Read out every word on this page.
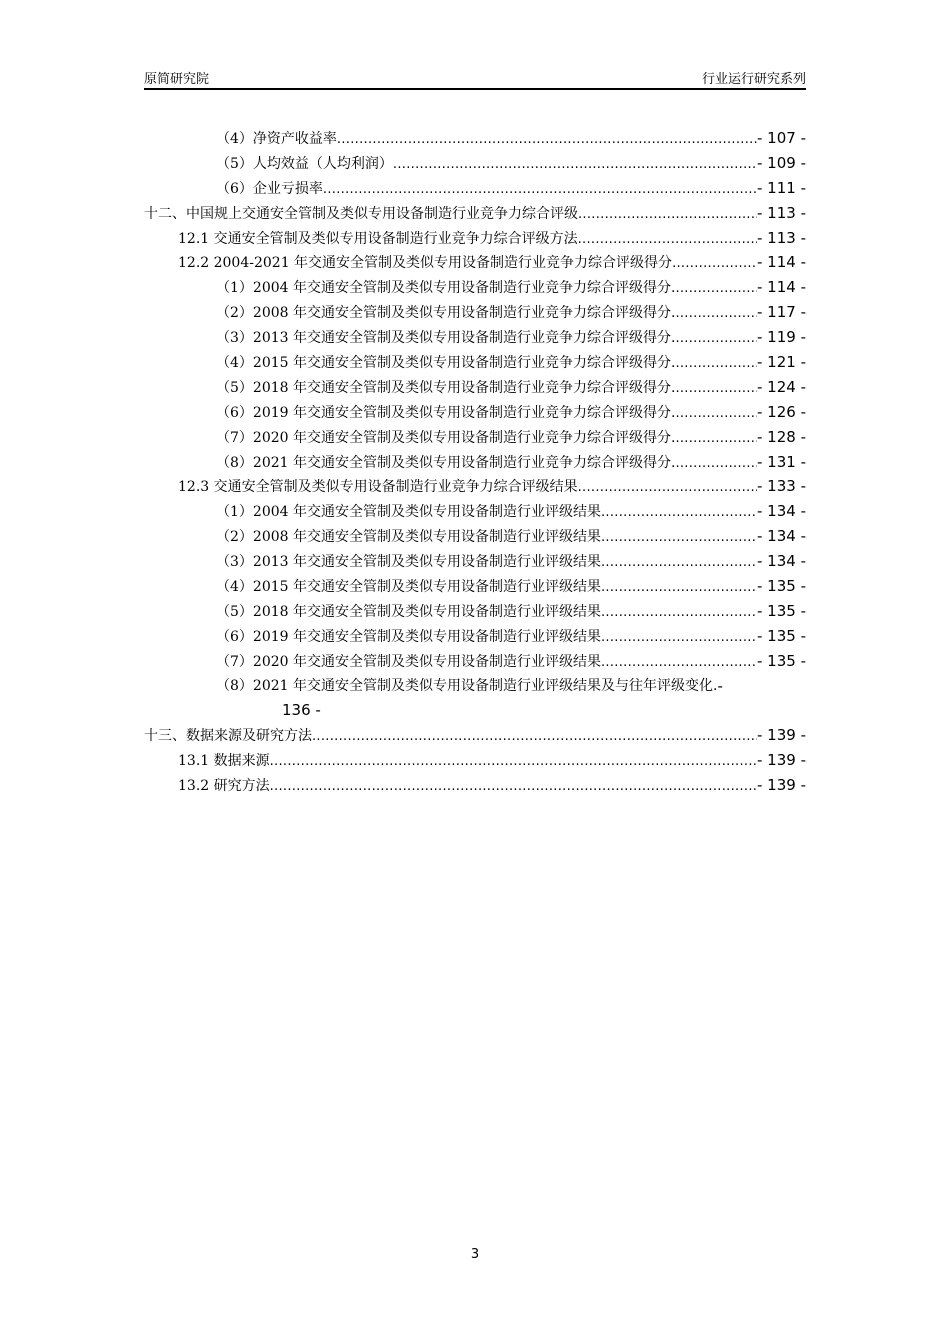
原简研究院	行业运行研究系列
（4）净资产收益率 .....	- 107 -
（5）人均效益（人均利润） .....	- 109 -
（6）企业亏损率 .....	- 111 -
十二、中国规上交通安全管制及类似专用设备制造行业竞争力综合评级 .....	- 113 -
12.1 交通安全管制及类似专用设备制造行业竞争力综合评级方法 .....	- 113 -
12.2 2004-2021 年交通安全管制及类似专用设备制造行业竞争力综合评级得分 .....	- 114 -
（1）2004 年交通安全管制及类似专用设备制造行业竞争力综合评级得分. .....	- 114 -
（2）2008 年交通安全管制及类似专用设备制造行业竞争力综合评级得分. .....	- 117 -
（3）2013 年交通安全管制及类似专用设备制造行业竞争力综合评级得分. .....	- 119 -
（4）2015 年交通安全管制及类似专用设备制造行业竞争力综合评级得分. .....	- 121 -
（5）2018 年交通安全管制及类似专用设备制造行业竞争力综合评级得分. .....	- 124 -
（6）2019 年交通安全管制及类似专用设备制造行业竞争力综合评级得分. .....	- 126 -
（7）2020 年交通安全管制及类似专用设备制造行业竞争力综合评级得分. .....	- 128 -
（8）2021 年交通安全管制及类似专用设备制造行业竞争力综合评级得分. .....	- 131 -
12.3 交通安全管制及类似专用设备制造行业竞争力综合评级结果 .....	- 133 -
（1）2004 年交通安全管制及类似专用设备制造行业评级结果 .....	- 134 -
（2）2008 年交通安全管制及类似专用设备制造行业评级结果 .....	- 134 -
（3）2013 年交通安全管制及类似专用设备制造行业评级结果 .....	- 134 -
（4）2015 年交通安全管制及类似专用设备制造行业评级结果 .....	- 135 -
（5）2018 年交通安全管制及类似专用设备制造行业评级结果 .....	- 135 -
（6）2019 年交通安全管制及类似专用设备制造行业评级结果 .....	- 135 -
（7）2020 年交通安全管制及类似专用设备制造行业评级结果 .....	- 135 -
（8）2021 年交通安全管制及类似专用设备制造行业评级结果及与往年评级变化. -
136 -
十三、数据来源及研究方法 .....	- 139 -
13.1 数据来源 .....	- 139 -
13.2 研究方法 .....	- 139 -
3
